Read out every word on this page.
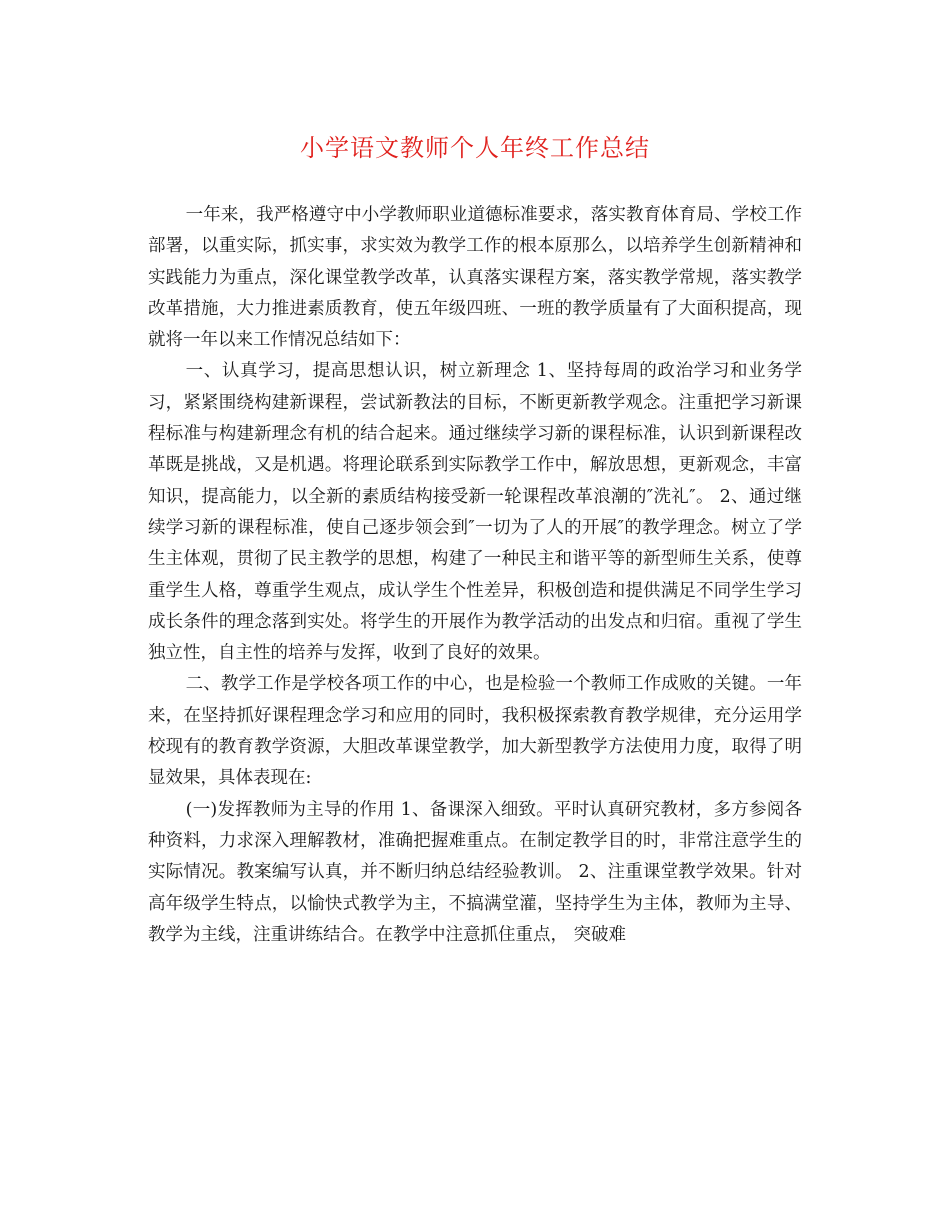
小学语文教师个人年终工作总结

一年来，我严格遵守中小学教师职业道德标准要求，落实教育体育局、学校工作部署，以重实际，抓实事，求实效为教学工作的根本原那么，以培养学生创新精神和实践能力为重点，深化课堂教学改革，认真落实课程方案，落实教学常规，落实教学改革措施，大力推进素质教育，使五年级四班、一班的教学质量有了大面积提高，现就将一年以来工作情况总结如下：

一、认真学习，提高思想认识，树立新理念 1、坚持每周的政治学习和业务学习，紧紧围绕构建新课程，尝试新教法的目标，不断更新教学观念。注重把学习新课程标准与构建新理念有机的结合起来。通过继续学习新的课程标准，认识到新课程改革既是挑战，又是机遇。将理论联系到实际教学工作中，解放思想，更新观念，丰富知识，提高能力，以全新的素质结构接受新一轮课程改革浪潮的″洗礼″。 2、通过继续学习新的课程标准，使自己逐步领会到″一切为了人的开展″的教学理念。树立了学生主体观，贯彻了民主教学的思想，构建了一种民主和谐平等的新型师生关系，使尊重学生人格，尊重学生观点，成认学生个性差异，积极创造和提供满足不同学生学习成长条件的理念落到实处。将学生的开展作为教学活动的出发点和归宿。重视了学生独立性，自主性的培养与发挥，收到了良好的效果。

二、教学工作是学校各项工作的中心，也是检验一个教师工作成败的关键。一年来，在坚持抓好课程理念学习和应用的同时，我积极探索教育教学规律，充分运用学校现有的教育教学资源，大胆改革课堂教学，加大新型教学方法使用力度，取得了明显效果，具体表现在:

(一)发挥教师为主导的作用 1、备课深入细致。平时认真研究教材，多方参阅各种资料，力求深入理解教材，准确把握难重点。在制定教学目的时，非常注意学生的实际情况。教案编写认真，并不断归纳总结经验教训。 2、注重课堂教学效果。针对高年级学生特点，以愉快式教学为主，不搞满堂灌，坚持学生为主体，教师为主导、教学为主线，注重讲练结合。在教学中注意抓住重点， 突破难
